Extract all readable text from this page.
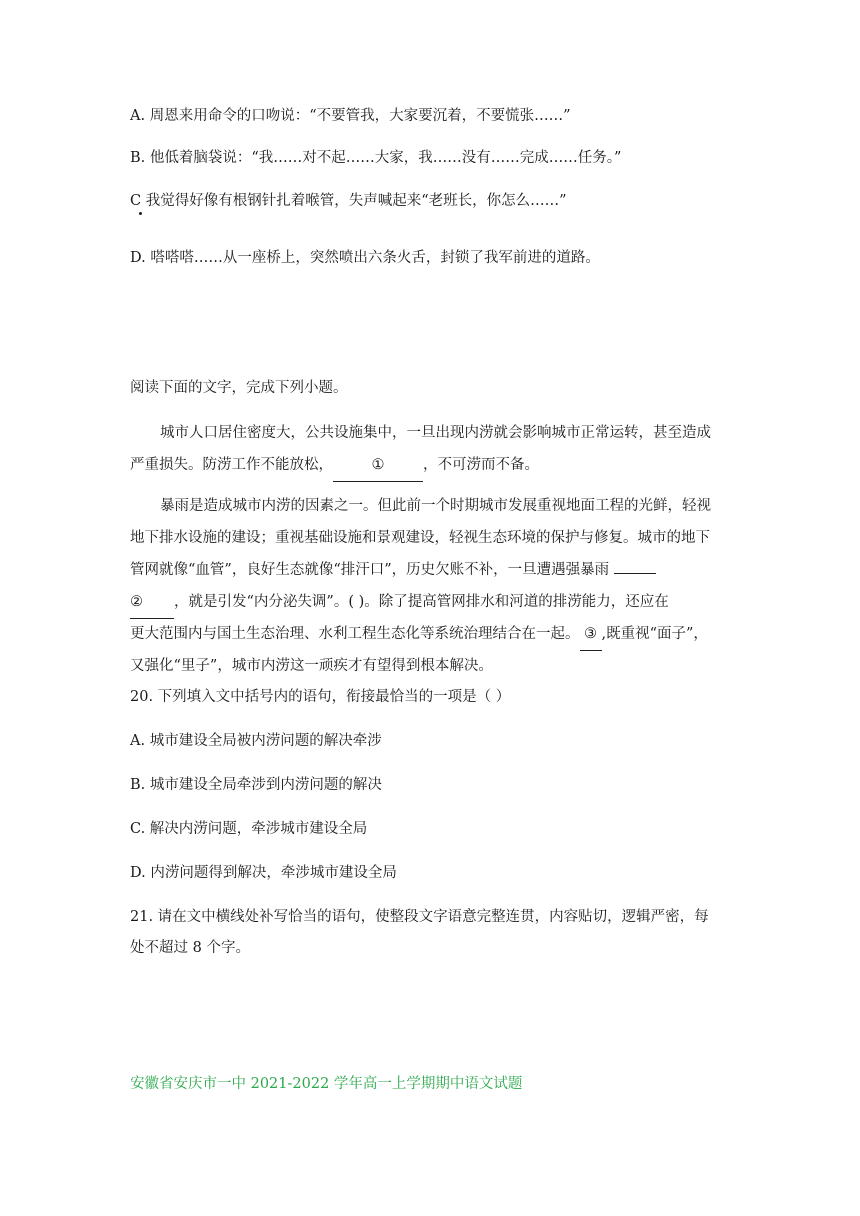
A. 周恩来用命令的口吻说：“不要管我，大家要沉着，不要慌张……”
B. 他低着脑袋说：“我……对不起……大家，我……没有……完成……任务。”
C 我觉得好像有根钢针扎着喉管，失声喊起来“老班长，你怎么……”
D. 嗒嗒嗒……从一座桥上，突然喷出六条火舌，封锁了我军前进的道路。
阅读下面的文字，完成下列小题。
城市人口居住密度大，公共设施集中，一旦出现内涝就会影响城市正常运转，甚至造成
严重损失。防涝工作不能放松，	①	，不可涝而不备。
暴雨是造成城市内涝的因素之一。但此前一个时期城市发展重视地面工程的光鲜，轻视
地下排水设施的建设；重视基础设施和景观建设，轻视生态环境的保护与修复。城市的地下
管网就像“血管”，良好生态就像“排汗口”，历史欠账不补，一旦遭遇强暴雨
② ，就是引发“内分泌失调”。( )。除了提高管网排水和河道的排涝能力，还应在
更大范围内与国土生态治理、水利工程生态化等系统治理结合在一起。 ③ ,既重视“面子”，
又强化“里子”，城市内涝这一顽疾才有望得到根本解决。
20. 下列填入文中括号内的语句，衔接最恰当的一项是（ ）
A. 城市建设全局被内涝问题的解决牵涉
B. 城市建设全局牵涉到内涝问题的解决
C. 解决内涝问题，牵涉城市建设全局
D. 内涝问题得到解决，牵涉城市建设全局
21. 请在文中横线处补写恰当的语句，使整段文字语意完整连贯，内容贴切，逻辑严密，每
处不超过 8 个字。
安徽省安庆市一中 2021-2022 学年高一上学期期中语文试题
